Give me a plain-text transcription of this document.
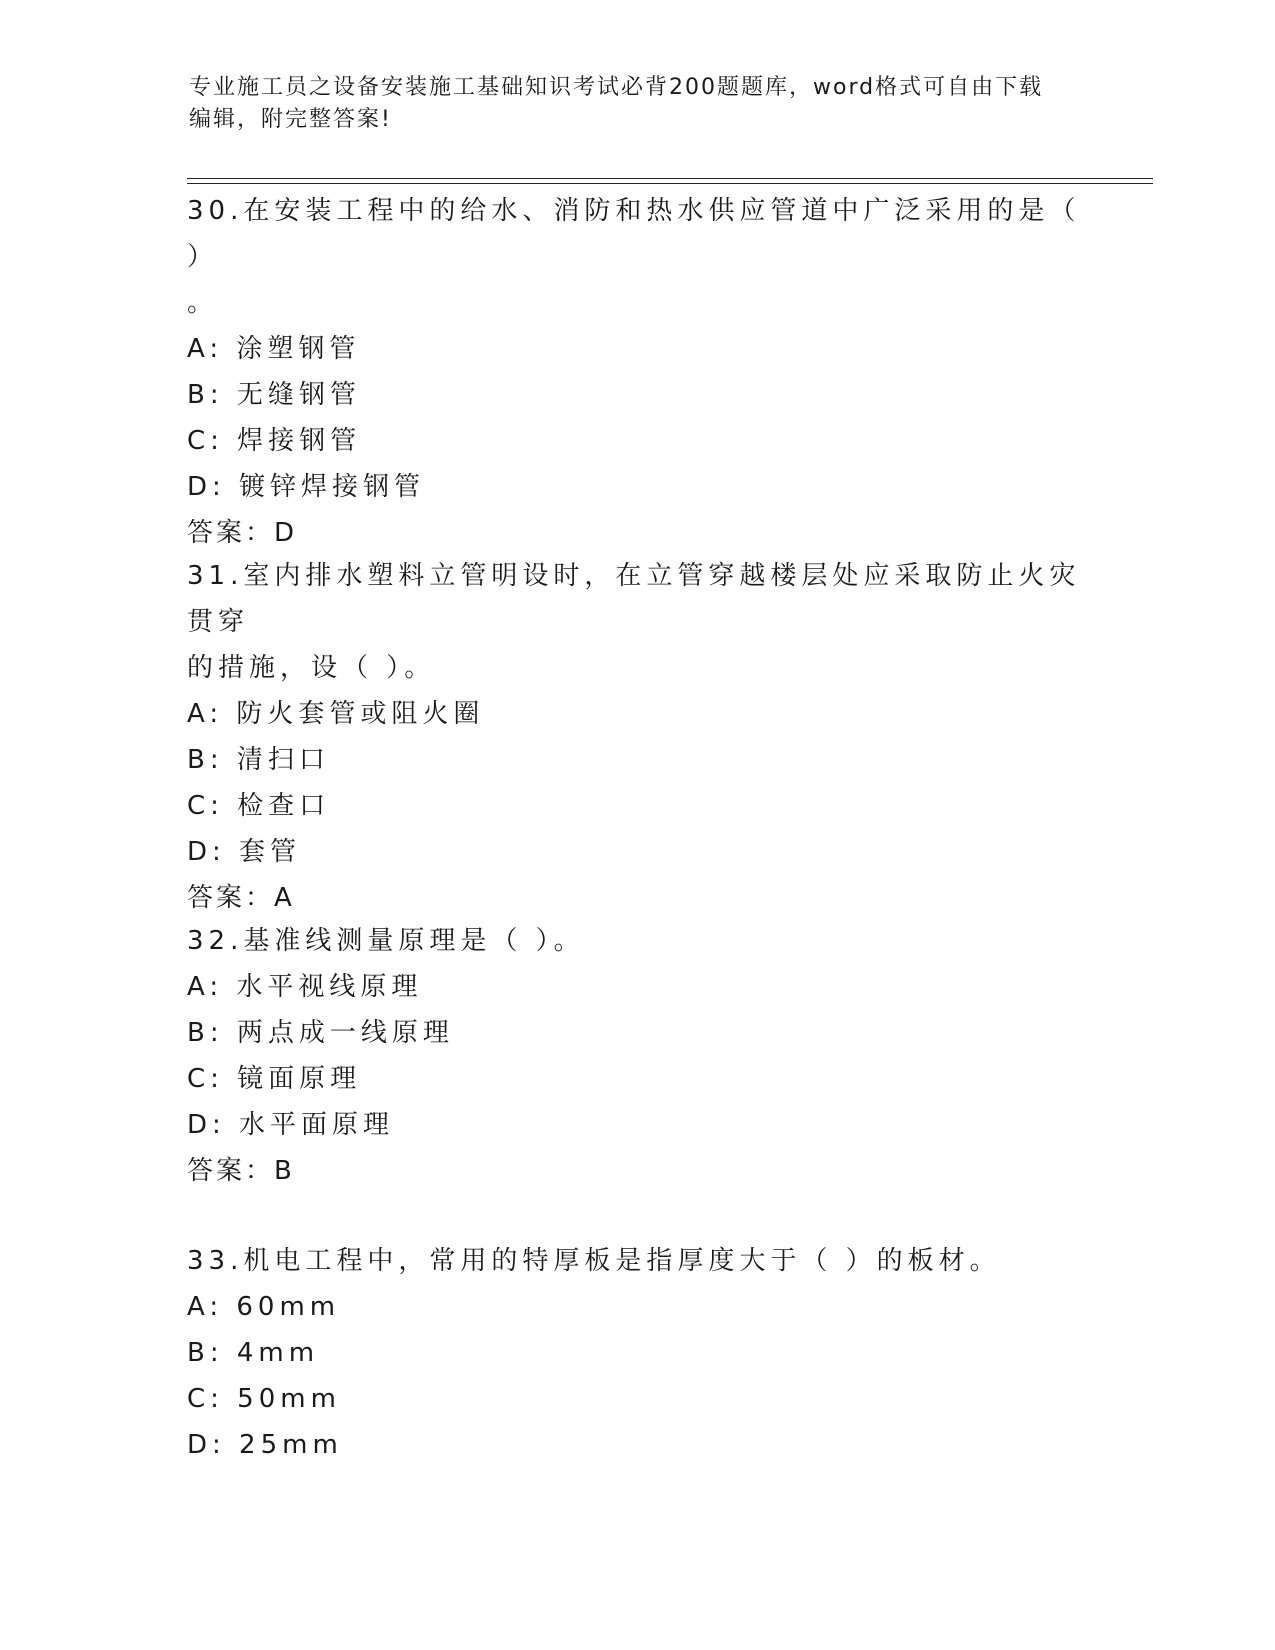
专业施工员之设备安装施工基础知识考试必背200题题库，word格式可自由下载
编辑，附完整答案!
30.在安装工程中的给水、消防和热水供应管道中广泛采用的是（ ）
。
A: 涂塑钢管
B: 无缝钢管
C: 焊接钢管
D: 镀锌焊接钢管
答案：D
31.室内排水塑料立管明设时，在立管穿越楼层处应采取防止火灾贯穿
的措施，设（ ）。
A: 防火套管或阻火圈
B: 清扫口
C: 检查口
D: 套管
答案：A
32.基准线测量原理是（ ）。
A: 水平视线原理
B: 两点成一线原理
C: 镜面原理
D: 水平面原理
答案：B
33.机电工程中，常用的特厚板是指厚度大于（ ）的板材。
A: 60mm
B: 4mm
C: 50mm
D: 25mm
